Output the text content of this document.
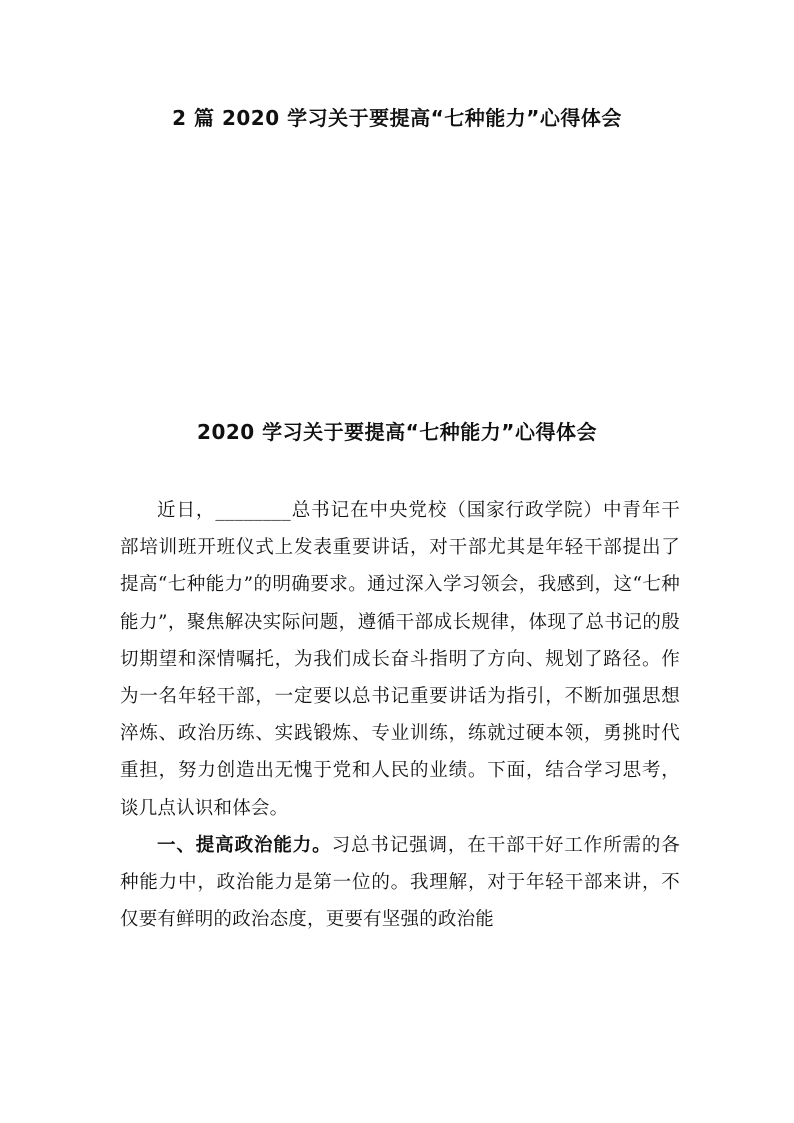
2 篇 2020 学习关于要提高“七种能力”心得体会
2020 学习关于要提高“七种能力”心得体会

近日，________总书记在中央党校（国家行政学院）中青年干部培训班开班仪式上发表重要讲话，对干部尤其是年轻干部提出了提高“七种能力”的明确要求。通过深入学习领会，我感到，这“七种能力”，聚焦解决实际问题，遵循干部成长规律，体现了总书记的殷切期望和深情嘱托，为我们成长奋斗指明了方向、规划了路径。作为一名年轻干部，一定要以总书记重要讲话为指引，不断加强思想淬炼、政治历练、实践锻炼、专业训练，练就过硬本领，勇挑时代重担，努力创造出无愧于党和人民的业绩。下面，结合学习思考，谈几点认识和体会。

一、提高政治能力。习总书记强调，在干部干好工作所需的各种能力中，政治能力是第一位的。我理解，对于年轻干部来讲，不仅要有鲜明的政治态度，更要有坚强的政治能
